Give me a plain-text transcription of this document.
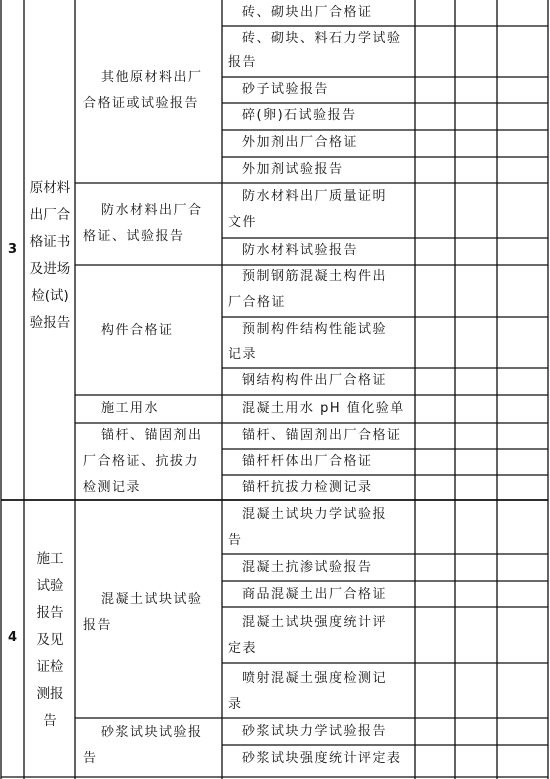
3
原材料
出厂合
格证书
及进场
检(试)
验报告
其他原材料出厂
合格证或试验报告
砖、砌块出厂合格证
砖、砌块、料石力学试验
报告
砂子试验报告
碎(卵)石试验报告
外加剂出厂合格证
外加剂试验报告
防水材料出厂合
格证、试验报告
防水材料出厂质量证明
文件
防水材料试验报告
构件合格证
预制钢筋混凝土构件出
厂合格证
预制构件结构性能试验
记录
钢结构构件出厂合格证
施工用水	混凝土用水 pH 值化验单
锚杆、锚固剂出
厂合格证、抗拔力
检测记录
锚杆、锚固剂出厂合格证
锚杆杆体出厂合格证
锚杆抗拔力检测记录
4
施工
试验
报告
及见
证检
测报
告
混凝土试块试验
报告
混凝土试块力学试验报
告
混凝土抗渗试验报告
商品混凝土出厂合格证
混凝土试块强度统计评
定表
喷射混凝土强度检测记
录
砂浆试块试验报
告
砂浆试块力学试验报告
砂浆试块强度统计评定表
